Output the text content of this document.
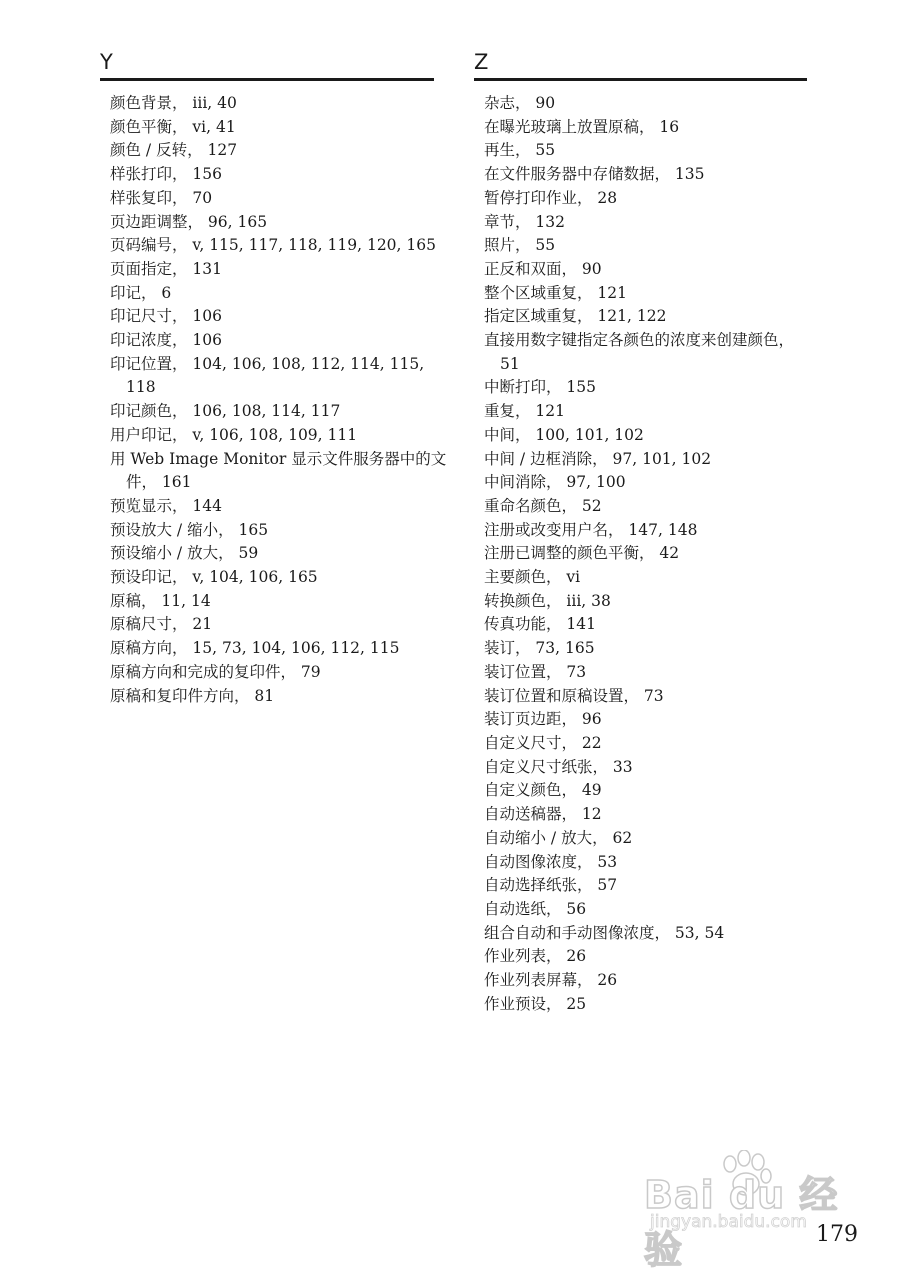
Y
颜色背景， iii, 40
颜色平衡， vi, 41
颜色 / 反转， 127
样张打印， 156
样张复印， 70
页边距调整， 96, 165
页码编号， v, 115, 117, 118, 119, 120, 165
页面指定， 131
印记， 6
印记尺寸， 106
印记浓度， 106
印记位置， 104, 106, 108, 112, 114, 115, 118
印记颜色， 106, 108, 114, 117
用户印记， v, 106, 108, 109, 111
用 Web Image Monitor 显示文件服务器中的文件， 161
预览显示， 144
预设放大 / 缩小， 165
预设缩小 / 放大， 59
预设印记， v, 104, 106, 165
原稿， 11, 14
原稿尺寸， 21
原稿方向， 15, 73, 104, 106, 112, 115
原稿方向和完成的复印件， 79
原稿和复印件方向， 81
Z
杂志， 90
在曝光玻璃上放置原稿， 16
再生， 55
在文件服务器中存储数据， 135
暂停打印作业， 28
章节， 132
照片， 55
正反和双面， 90
整个区域重复， 121
指定区域重复， 121, 122
直接用数字键指定各颜色的浓度来创建颜色， 51
中断打印， 155
重复， 121
中间， 100, 101, 102
中间 / 边框消除， 97, 101, 102
中间消除， 97, 100
重命名颜色， 52
注册或改变用户名， 147, 148
注册已调整的颜色平衡， 42
主要颜色， vi
转换颜色， iii, 38
传真功能， 141
装订， 73, 165
装订位置， 73
装订位置和原稿设置， 73
装订页边距， 96
自定义尺寸， 22
自定义尺寸纸张， 33
自定义颜色， 49
自动送稿器， 12
自动缩小 / 放大， 62
自动图像浓度， 53
自动选择纸张， 57
自动选纸， 56
组合自动和手动图像浓度， 53, 54
作业列表， 26
作业列表屏幕， 26
作业预设， 25
Bai du 经验
jingyan.baidu.com 179
